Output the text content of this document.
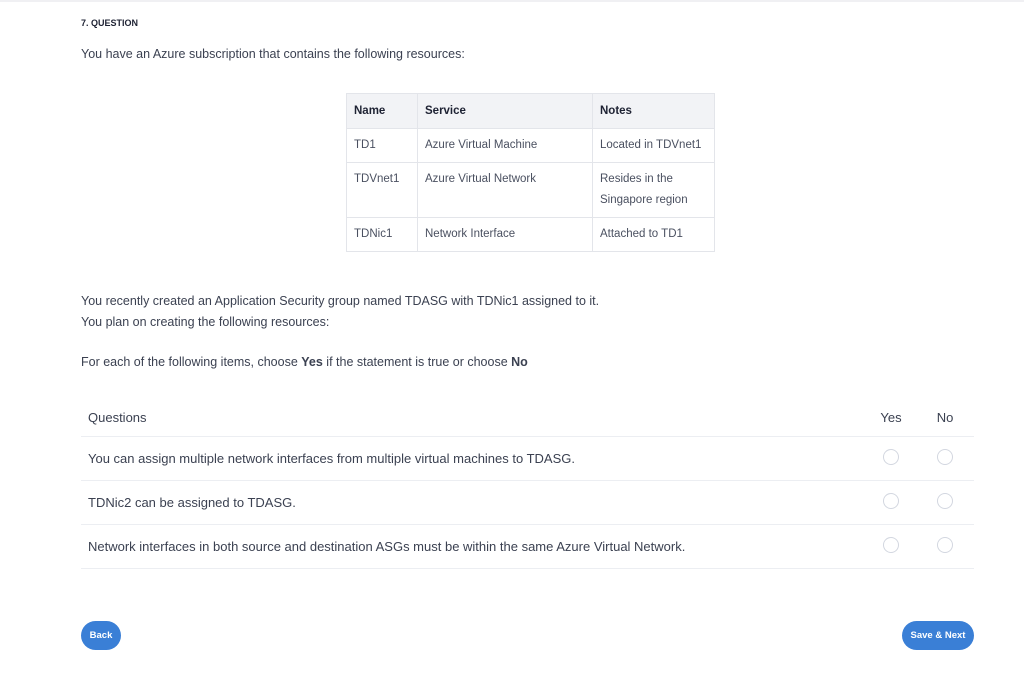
7. QUESTION
You have an Azure subscription that contains the following resources:
Name	Service	Notes
TD1	Azure Virtual Machine	Located in TDVnet1
TDVnet1	Azure Virtual Network	Resides in the Singapore region
TDNic1	Network Interface	Attached to TD1
You recently created an Application Security group named TDASG with TDNic1 assigned to it.
You plan on creating the following resources:
For each of the following items, choose Yes if the statement is true or choose No
Questions	Yes	No
You can assign multiple network interfaces from multiple virtual machines to TDASG.
TDNic2 can be assigned to TDASG.
Network interfaces in both source and destination ASGs must be within the same Azure Virtual Network.
Back	Save & Next
